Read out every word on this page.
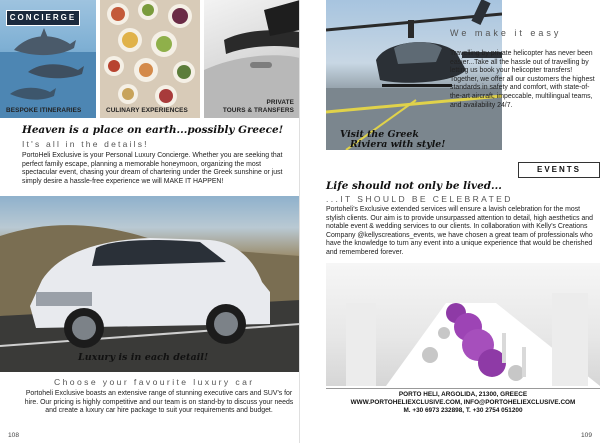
BESPOKE ITINERARIES
CONCIERGE
CULINARY EXPERIENCES
PRIVATE
TOURS & TRANSFERS
Heaven is a place on earth...possibly Greece!
It's all in the details!
PortoHeli Exclusive is your Personal Luxury Concierge. Whether you are seeking that perfect family escape, planning a memorable honeymoon, organizing the most spectacular event, chasing your dream of chartering under the Greek sunshine or just simply desire a hassle-free experience we will MAKE IT HAPPEN!
Luxury is in each detail!
Choose your favourite luxury car
Portoheli Exclusive boasts an extensive range of stunning executive cars and SUV's for hire. Our pricing is highly competitive and our team is on stand-by to discuss your needs and create a luxury car hire package to suit your requirements and budget.
108
Visit the Greek
Riviera with style!
We make it easy
Travelling by private helicopter has never been easier...Take all the hassle out of travelling by letting us book your helicopter transfers! Together, we offer all our customers the highest standards in safety and comfort, with state-of-the-art aircraft, impeccable, multilingual teams, and availability 24/7.
EVENTS
Life should not only be lived...
...IT SHOULD BE CELEBRATED
Portoheli's Exclusive extended services will ensure a lavish celebration for the most stylish clients. Our aim is to provide unsurpassed attention to detail, high aesthetics and notable event & wedding services to our clients. In collaboration with Kelly's Creations Company @kellyscreations_events, we have chosen a great team of professionals who have the knowledge to turn any event into a unique experience that would be cherished and remembered forever.
PORTO HELI, ARGOLIDA, 21300, GREECE
WWW.PORTOHELIEXCLUSIVE.COM, INFO@PORTOHELIEXCLUSIVE.COM
M. +30 6973 232898, T. +30 2754 051200
109
